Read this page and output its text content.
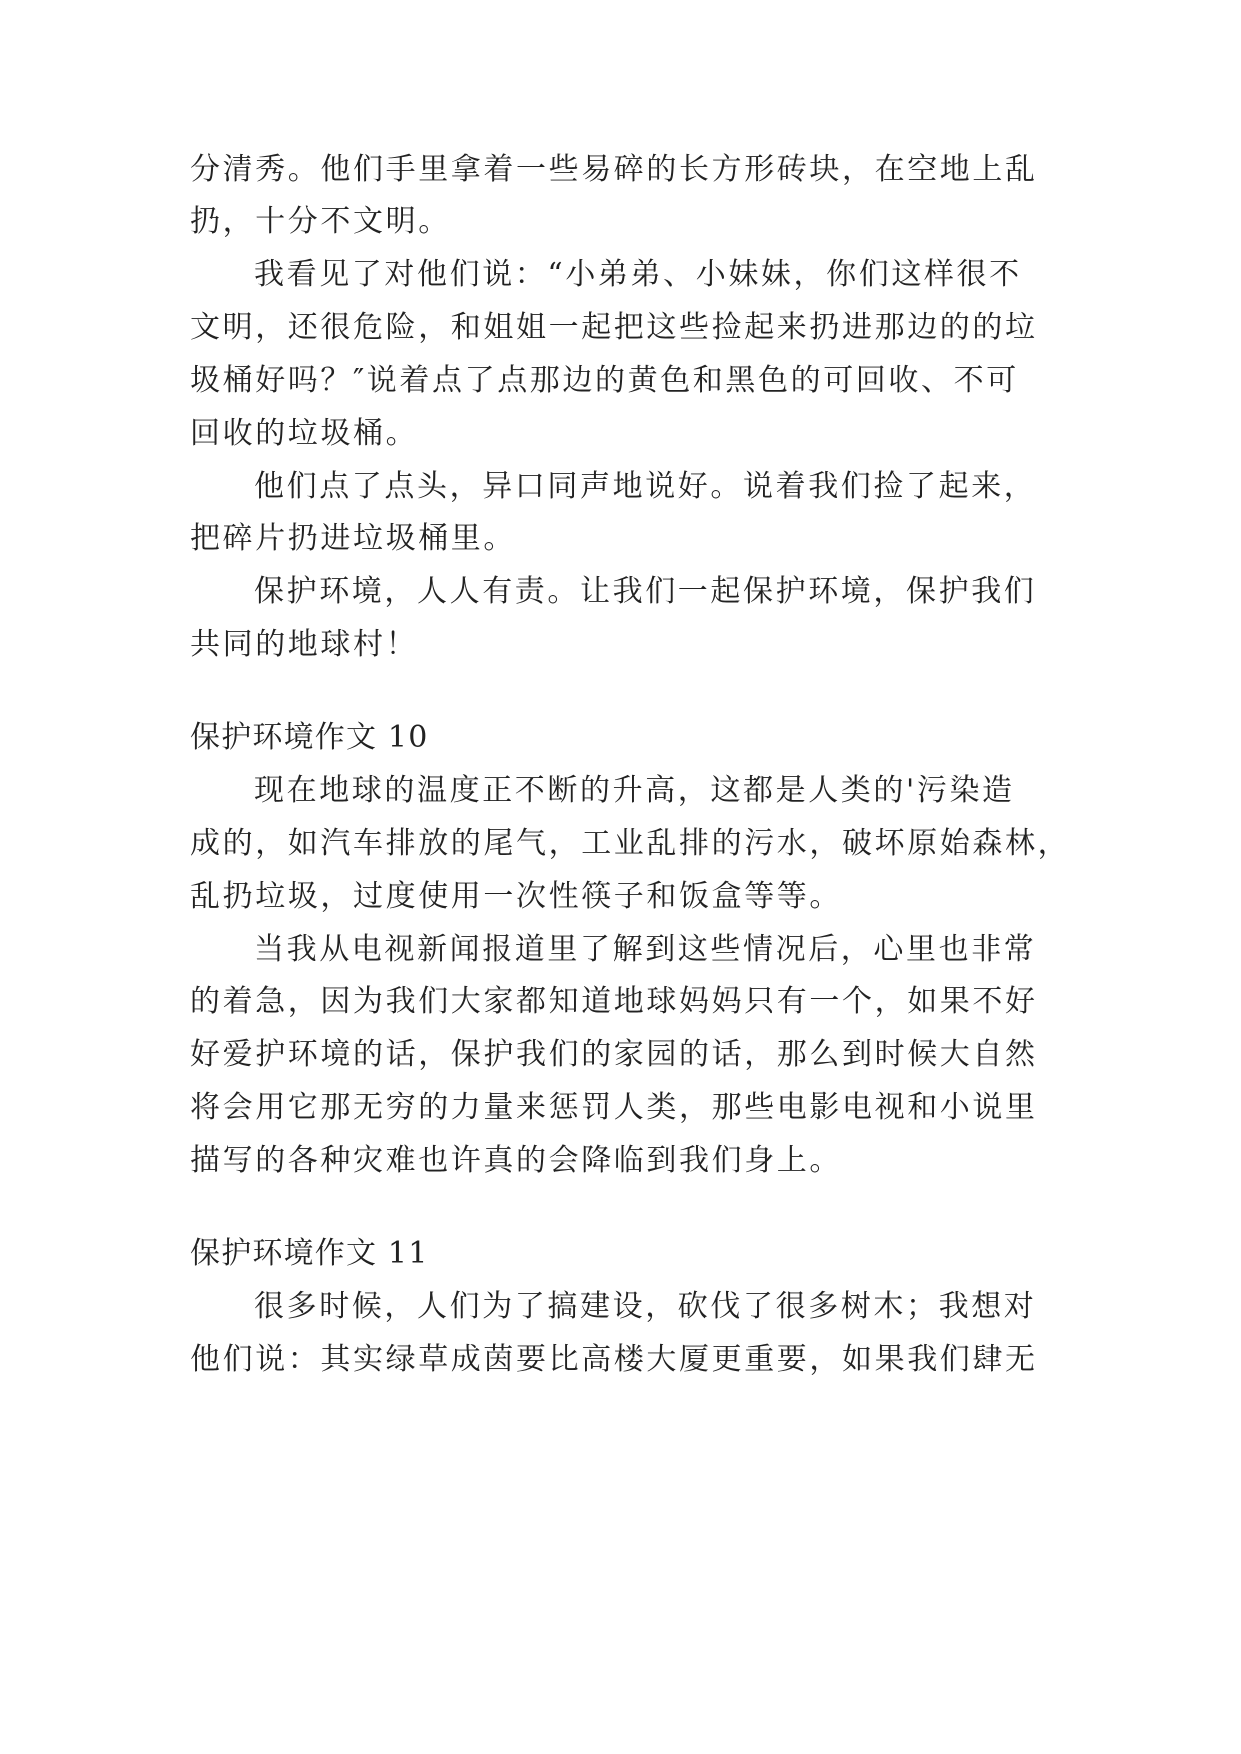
分清秀。他们手里拿着一些易碎的长方形砖块，在空地上乱
扔，十分不文明。
我看见了对他们说：“小弟弟、小妹妹，你们这样很不
文明，还很危险，和姐姐一起把这些捡起来扔进那边的的垃
圾桶好吗？″说着点了点那边的黄色和黑色的可回收、不可
回收的垃圾桶。
他们点了点头，异口同声地说好。说着我们捡了起来，
把碎片扔进垃圾桶里。
保护环境，人人有责。让我们一起保护环境，保护我们
共同的地球村！
保护环境作文 10
现在地球的温度正不断的升高，这都是人类的'污染造
成的，如汽车排放的尾气，工业乱排的污水，破坏原始森林，
乱扔垃圾，过度使用一次性筷子和饭盒等等。
当我从电视新闻报道里了解到这些情况后，心里也非常
的着急，因为我们大家都知道地球妈妈只有一个，如果不好
好爱护环境的话，保护我们的家园的话，那么到时候大自然
将会用它那无穷的力量来惩罚人类，那些电影电视和小说里
描写的各种灾难也许真的会降临到我们身上。
保护环境作文 11
很多时候，人们为了搞建设，砍伐了很多树木；我想对
他们说：其实绿草成茵要比高楼大厦更重要，如果我们肆无
